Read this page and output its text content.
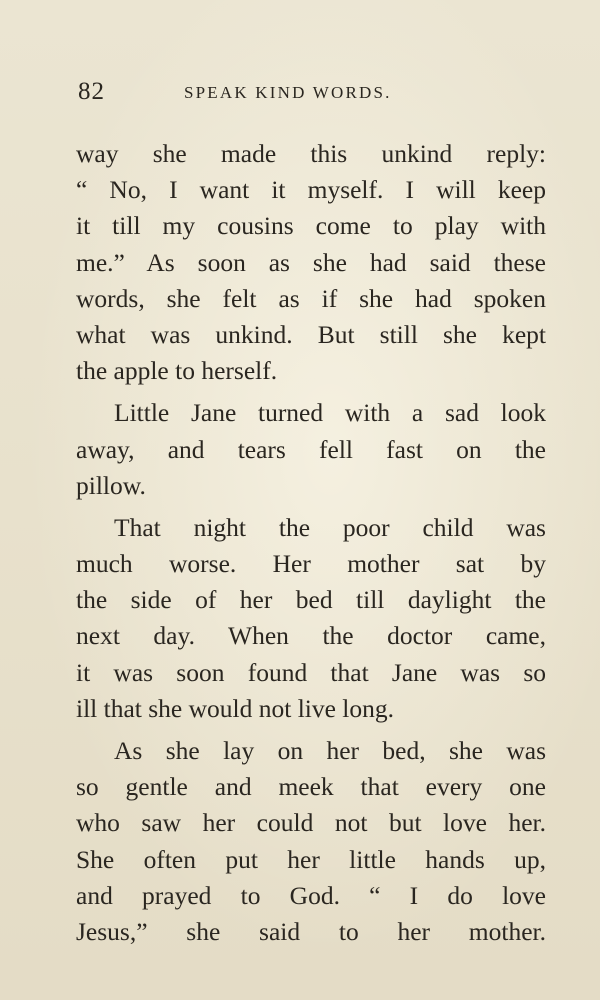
82	SPEAK KIND WORDS.
way she made this unkind reply:
“ No, I want it myself. I will keep
it till my cousins come to play with
me.” As soon as she had said these
words, she felt as if she had spoken
what was unkind. But still she kept
the apple to herself.
Little Jane turned with a sad look
away, and tears fell fast on the
pillow.
That night the poor child was
much worse. Her mother sat by
the side of her bed till daylight the
next day. When the doctor came,
it was soon found that Jane was so
ill that she would not live long.
As she lay on her bed, she was
so gentle and meek that every one
who saw her could not but love her.
She often put her little hands up,
and prayed to God. “ I do love
Jesus,” she said to her mother.
